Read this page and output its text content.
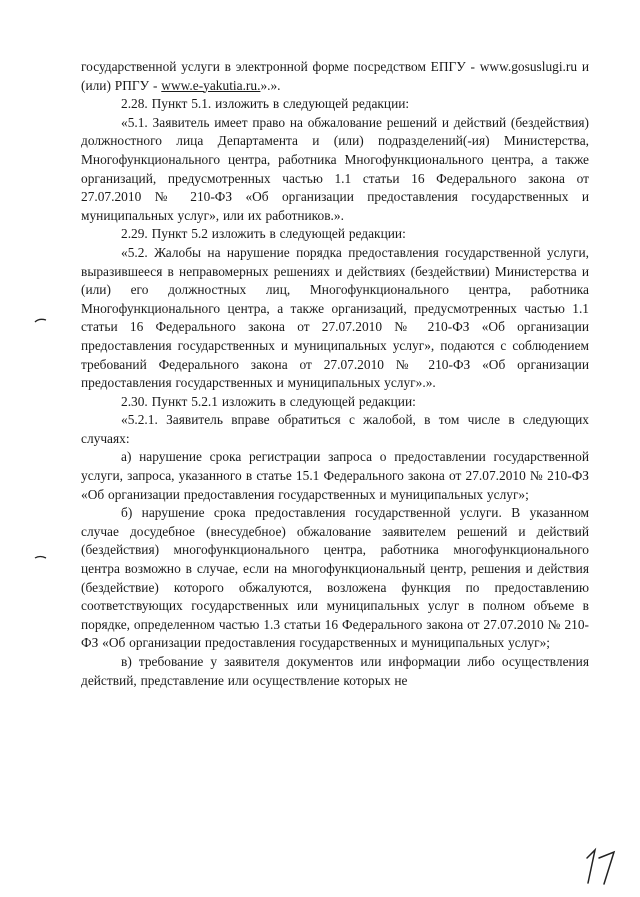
государственной услуги в электронной форме посредством ЕПГУ - www.gosuslugi.ru и (или) РПГУ - www.e-yakutia.ru.».».

2.28. Пункт 5.1. изложить в следующей редакции:

«5.1. Заявитель имеет право на обжалование решений и действий (бездействия) должностного лица Департамента и (или) подразделений(-ия) Министерства, Многофункционального центра, работника Многофункционального центра, а также организаций, предусмотренных частью 1.1 статьи 16 Федерального закона от 27.07.2010 № 210-ФЗ «Об организации предоставления государственных и муниципальных услуг», или их работников.».

2.29. Пункт 5.2 изложить в следующей редакции:

«5.2. Жалобы на нарушение порядка предоставления государственной услуги, выразившееся в неправомерных решениях и действиях (бездействии) Министерства и (или) его должностных лиц, Многофункционального центра, работника Многофункционального центра, а также организаций, предусмотренных частью 1.1 статьи 16 Федерального закона от 27.07.2010 № 210-ФЗ «Об организации предоставления государственных и муниципальных услуг», подаются с соблюдением требований Федерального закона от 27.07.2010 № 210-ФЗ «Об организации предоставления государственных и муниципальных услуг».».

2.30. Пункт 5.2.1 изложить в следующей редакции:

«5.2.1. Заявитель вправе обратиться с жалобой, в том числе в следующих случаях:

а) нарушение срока регистрации запроса о предоставлении государственной услуги, запроса, указанного в статье 15.1 Федерального закона от 27.07.2010 № 210-ФЗ «Об организации предоставления государственных и муниципальных услуг»;

б) нарушение срока предоставления государственной услуги. В указанном случае досудебное (внесудебное) обжалование заявителем решений и действий (бездействия) многофункционального центра, работника многофункционального центра возможно в случае, если на многофункциональный центр, решения и действия (бездействие) которого обжалуются, возложена функция по предоставлению соответствующих государственных или муниципальных услуг в полном объеме в порядке, определенном частью 1.3 статьи 16 Федерального закона от 27.07.2010 № 210-ФЗ «Об организации предоставления государственных и муниципальных услуг»;

в) требование у заявителя документов или информации либо осуществления действий, представление или осуществление которых не
